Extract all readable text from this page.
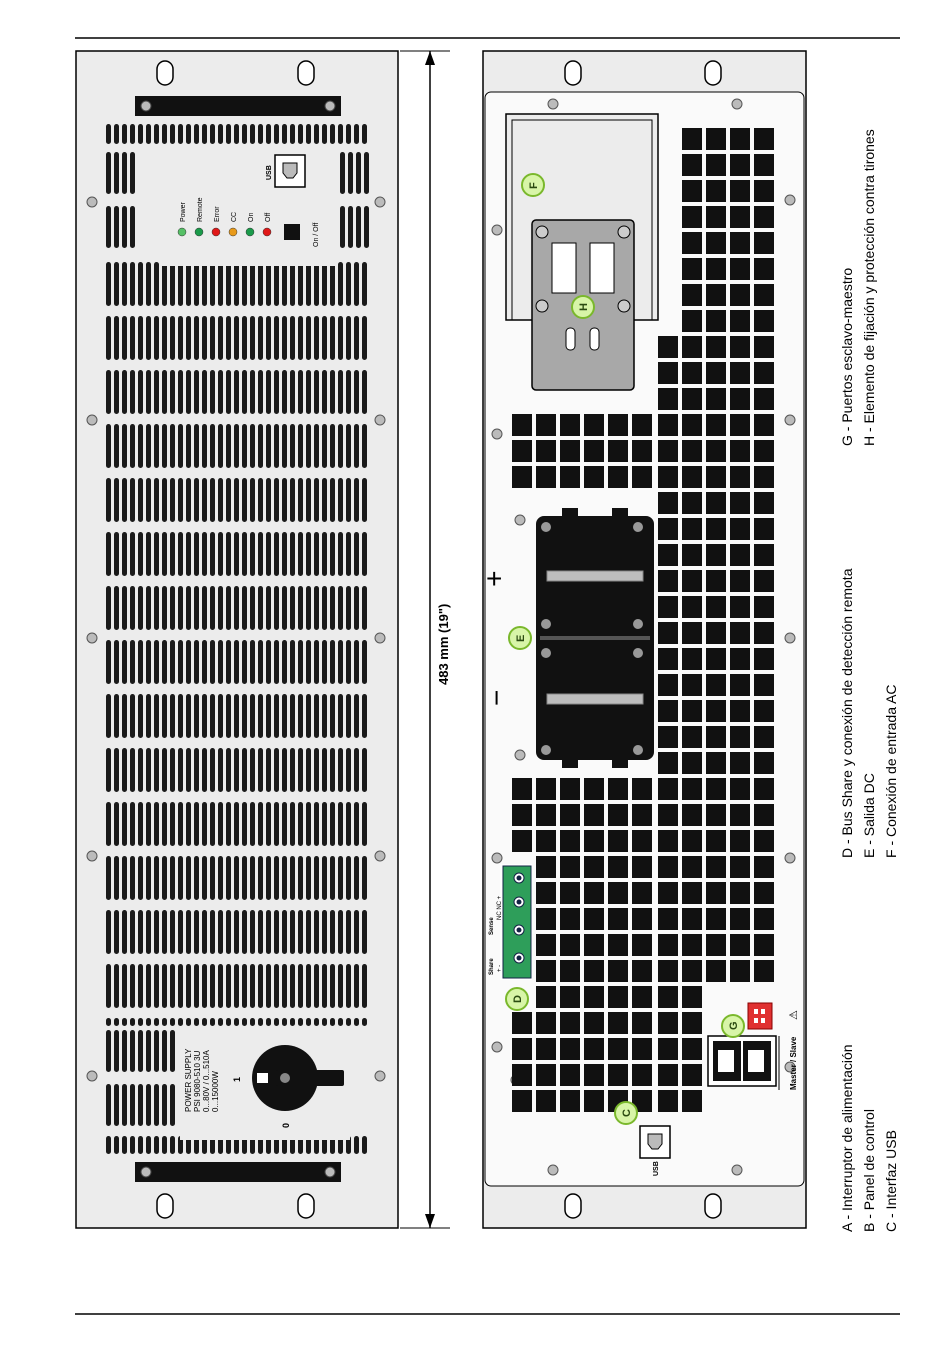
USB
Power Remote Error CC On Off
On / Off
POWER SUPPLY PSI 9080-510 3U 0...80V / 0...510A 0...15000W 1
0
483 mm (19")
+
−
Sense
NC NC +
Share + -
Master / Slave
⚠
USB
F
H
E
D
G
C	A - Interruptor de alimentación B - Panel de control C - Interfaz USB
D - Bus Share y conexión de detección remota E - Salida DC F - Conexión de entrada AC
G - Puertos esclavo-maestro H - Elemento de fijación y protección contra tirones
